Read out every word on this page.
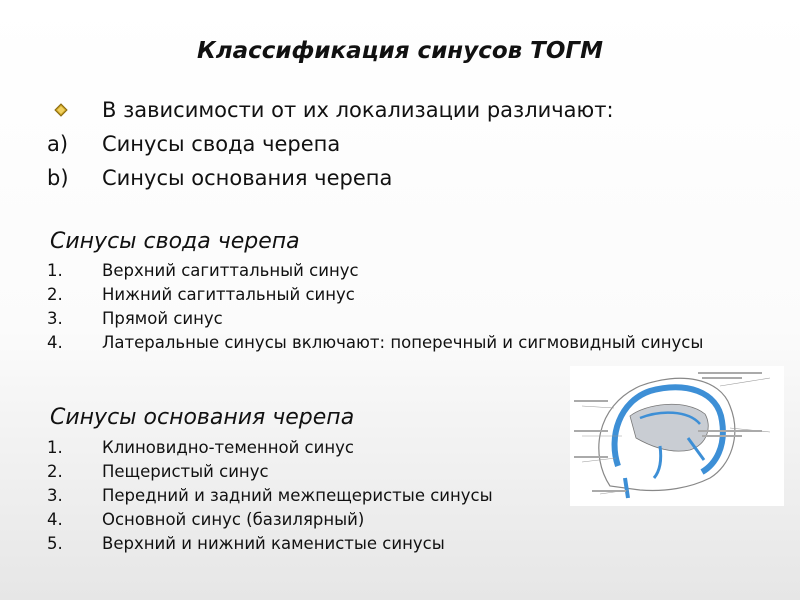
Классификация синусов ТОГМ
В зависимости от их локализации различают:
a) Синусы свода черепа
b) Синусы основания черепа
Синусы свода черепа
1. Верхний сагиттальный синус
2. Нижний сагиттальный синус
3. Прямой синус
4. Латеральные синусы включают: поперечный и сигмовидный синусы
Синусы основания черепа
1. Клиновидно-теменной синус
2. Пещеристый синус
3. Передний и задний межпещеристые синусы
4. Основной синус (базилярный)
5. Верхний и нижний каменистые синусы
